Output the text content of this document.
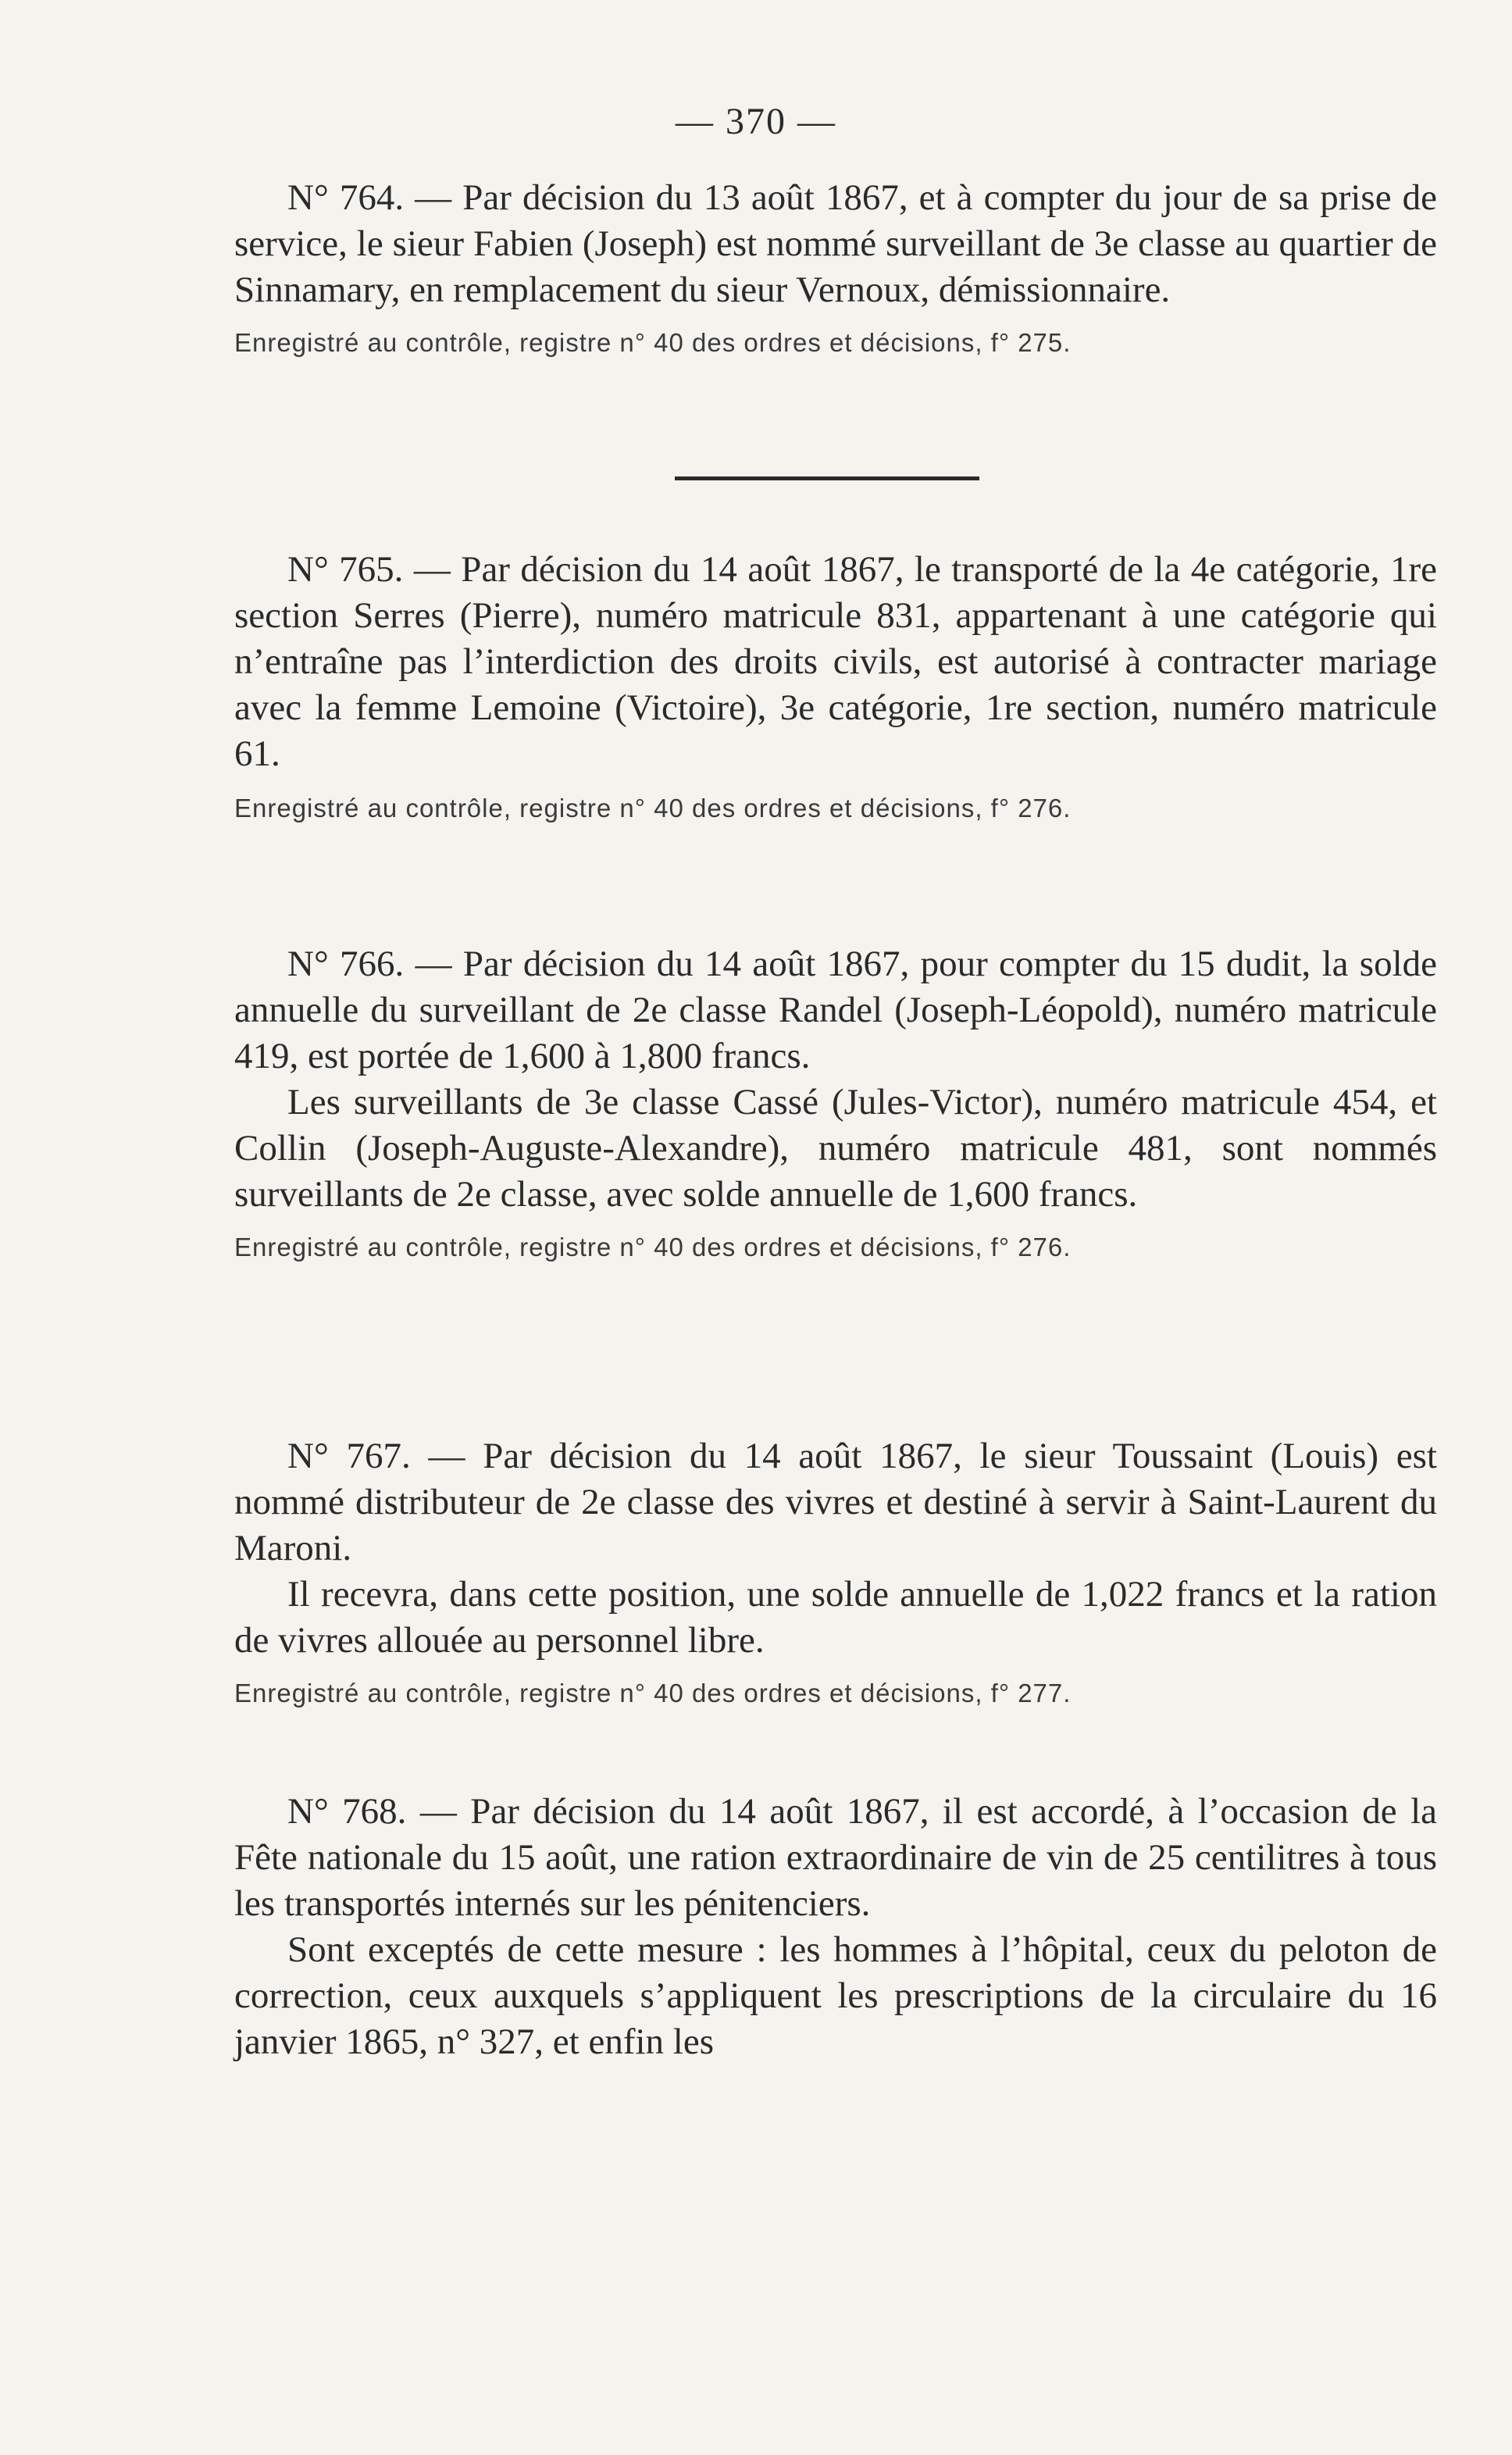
— 370 —

N° 764. — Par décision du 13 août 1867, et à compter du jour de sa prise de service, le sieur Fabien (Joseph) est nommé surveillant de 3e classe au quartier de Sinnamary, en remplacement du sieur Vernoux, démissionnaire.

Enregistré au contrôle, registre n° 40 des ordres et décisions, f° 275.

N° 765. — Par décision du 14 août 1867, le transporté de la 4e catégorie, 1re section Serres (Pierre), numéro matricule 831, appartenant à une catégorie qui n’entraîne pas l’interdiction des droits civils, est autorisé à contracter mariage avec la femme Lemoine (Victoire), 3e catégorie, 1re section, numéro matricule 61.

Enregistré au contrôle, registre n° 40 des ordres et décisions, f° 276.

N° 766. — Par décision du 14 août 1867, pour compter du 15 dudit, la solde annuelle du surveillant de 2e classe Randel (Joseph-Léopold), numéro matricule 419, est portée de 1,600 à 1,800 francs.

Les surveillants de 3e classe Cassé (Jules-Victor), numéro matricule 454, et Collin (Joseph-Auguste-Alexandre), numéro matricule 481, sont nommés surveillants de 2e classe, avec solde annuelle de 1,600 francs.

Enregistré au contrôle, registre n° 40 des ordres et décisions, f° 276.

N° 767. — Par décision du 14 août 1867, le sieur Toussaint (Louis) est nommé distributeur de 2e classe des vivres et destiné à servir à Saint-Laurent du Maroni.

Il recevra, dans cette position, une solde annuelle de 1,022 francs et la ration de vivres allouée au personnel libre.

Enregistré au contrôle, registre n° 40 des ordres et décisions, f° 277.

N° 768. — Par décision du 14 août 1867, il est accordé, à l’occasion de la Fête nationale du 15 août, une ration extraordinaire de vin de 25 centilitres à tous les transportés internés sur les pénitenciers.

Sont exceptés de cette mesure : les hommes à l’hôpital, ceux du peloton de correction, ceux auxquels s’appliquent les prescriptions de la circulaire du 16 janvier 1865, n° 327, et enfin les
